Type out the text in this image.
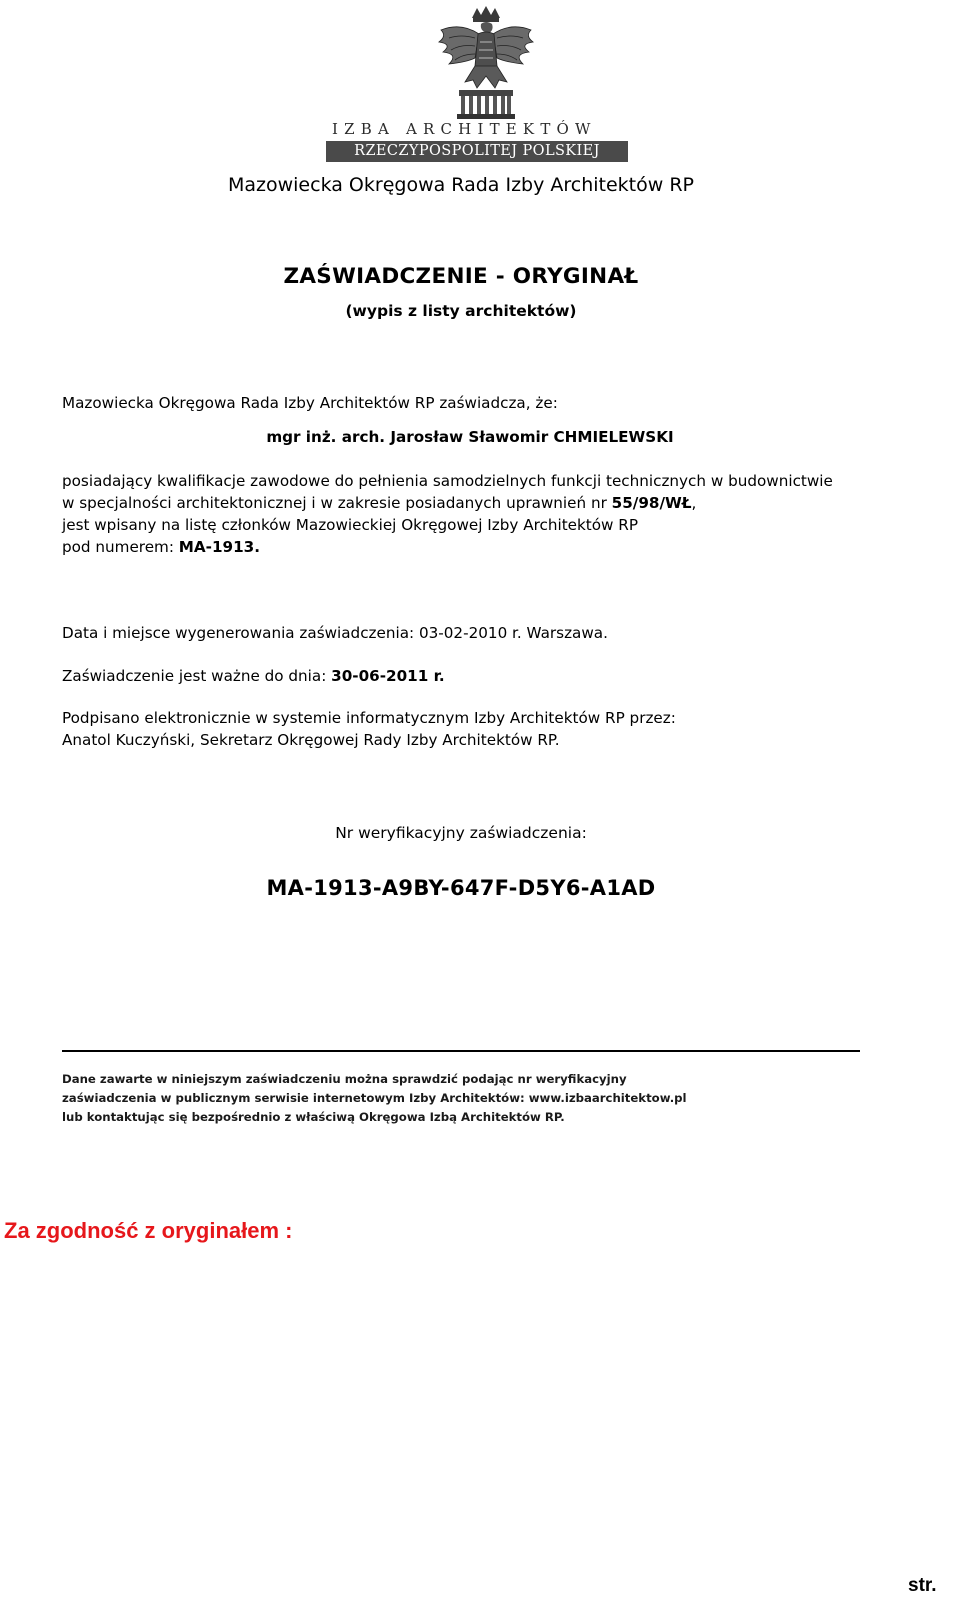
IZBA ARCHITEKTÓW
RZECZYPOSPOLITEJ POLSKIEJ
Mazowiecka Okręgowa Rada Izby Architektów RP
ZAŚWIADCZENIE - ORYGINAŁ
(wypis z listy architektów)
Mazowiecka Okręgowa Rada Izby Architektów RP zaświadcza, że:
mgr inż. arch. Jarosław Sławomir CHMIELEWSKI
posiadający kwalifikacje zawodowe do pełnienia samodzielnych funkcji technicznych w budownictwie
w specjalności architektonicznej i w zakresie posiadanych uprawnień nr 55/98/WŁ,
jest wpisany na listę członków Mazowieckiej Okręgowej Izby Architektów RP
pod numerem: MA-1913.
Data i miejsce wygenerowania zaświadczenia: 03-02-2010 r. Warszawa.
Zaświadczenie jest ważne do dnia: 30-06-2011 r.
Podpisano elektronicznie w systemie informatycznym Izby Architektów RP przez:
Anatol Kuczyński, Sekretarz Okręgowej Rady Izby Architektów RP.
Nr weryfikacyjny zaświadczenia:
MA-1913-A9BY-647F-D5Y6-A1AD
Dane zawarte w niniejszym zaświadczeniu można sprawdzić podając nr weryfikacyjny
zaświadczenia w publicznym serwisie internetowym Izby Architektów: www.izbaarchitektow.pl
lub kontaktując się bezpośrednio z właściwą Okręgowa Izbą Architektów RP.
Za zgodność z oryginałem :
str.
